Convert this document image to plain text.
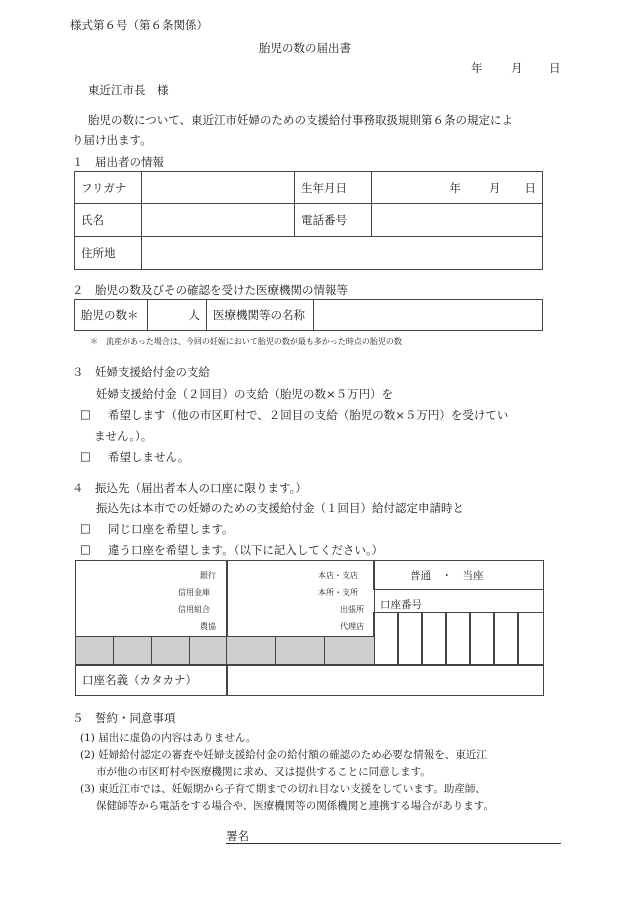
様式第６号（第６条関係）
胎児の数の届出書
年 月 日
東近江市長　様
胎児の数について、東近江市妊婦のための支援給付事務取扱規則第６条の規定によ
り届け出ます。
１　届出者の情報
フリガナ		生年月日	年 月 日
氏名		電話番号	
住所地			
２　胎児の数及びその確認を受けた医療機関の情報等
胎児の数＊	人	医療機関等の名称	
＊　流産があった場合は、今回の妊娠において胎児の数が最も多かった時点の胎児の数
３　妊婦支援給付金の支給
妊婦支援給付金（２回目）の支給（胎児の数×５万円）を
□ 希望します（他の市区町村で、２回目の支給（胎児の数×５万円）を受けてい
ません。）。
□ 希望しません。
４　振込先（届出者本人の口座に限ります。）
振込先は本市での妊婦のための支援給付金（１回目）給付認定申請時と
□ 同じ口座を希望します。
□ 違う口座を希望します。（以下に記入してください。）
銀行
信用金庫
信用組合
農協
本店・支店
本所・支所
出張所
代理店
普通　・　当座
口座番号
口座名義（カタカナ）
５　誓約・同意事項
(1) 届出に虚偽の内容はありません。
(2) 妊婦給付認定の審査や妊婦支援給付金の給付額の確認のため必要な情報を、東近江
市が他の市区町村や医療機関に求め、又は提供することに同意します。
(3) 東近江市では、妊娠期から子育て期までの切れ目ない支援をしています。助産師、
保健師等から電話をする場合や、医療機関等の関係機関と連携する場合があります。
署名
